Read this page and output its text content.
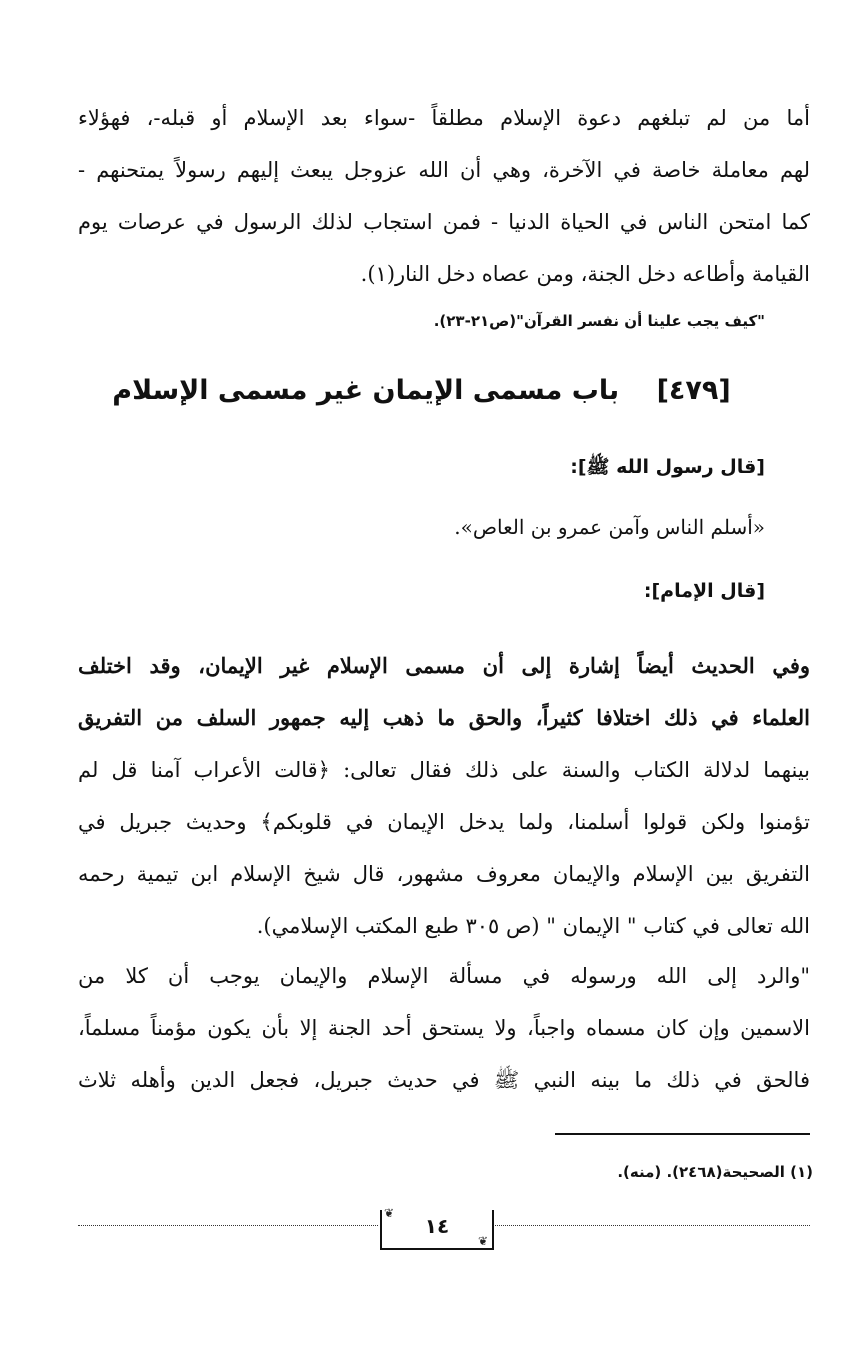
أما من لم تبلغهم دعوة الإسلام مطلقاً -سواء بعد الإسلام أو قبله-، فهؤلاء
لهم معاملة خاصة في الآخرة، وهي أن الله عزوجل يبعث إليهم رسولاً يمتحنهم -
كما امتحن الناس في الحياة الدنيا - فمن استجاب لذلك الرسول في عرصات يوم
القيامة وأطاعه دخل الجنة، ومن عصاه دخل النار(١).
"كيف يجب علينا أن نفسر القرآن"(ص٢١-٢٣).
[٤٧٩] باب مسمى الإيمان غير مسمى الإسلام
[قال رسول الله ﷺ]:
«أسلم الناس وآمن عمرو بن العاص».
[قال الإمام]:
وفي الحديث أيضاً إشارة إلى أن مسمى الإسلام غير الإيمان، وقد اختلف
العلماء في ذلك اختلافا كثيراً، والحق ما ذهب إليه جمهور السلف من التفريق
بينهما لدلالة الكتاب والسنة على ذلك فقال تعالى: ﴿قالت الأعراب آمنا قل لم
تؤمنوا ولكن قولوا أسلمنا، ولما يدخل الإيمان في قلوبكم﴾ وحديث جبريل في
التفريق بين الإسلام والإيمان معروف مشهور، قال شيخ الإسلام ابن تيمية رحمه
الله تعالى في كتاب " الإيمان " (ص ٣٠٥ طبع المكتب الإسلامي).
"والرد إلى الله ورسوله في مسألة الإسلام والإيمان يوجب أن كلا من
الاسمين وإن كان مسماه واجباً، ولا يستحق أحد الجنة إلا بأن يكون مؤمناً مسلماً،
فالحق في ذلك ما بينه النبي ﷺ في حديث جبريل، فجعل الدين وأهله ثلاث
(١) الصحيحة(٢٤٦٨). (منه).
❦
١٤
❦
